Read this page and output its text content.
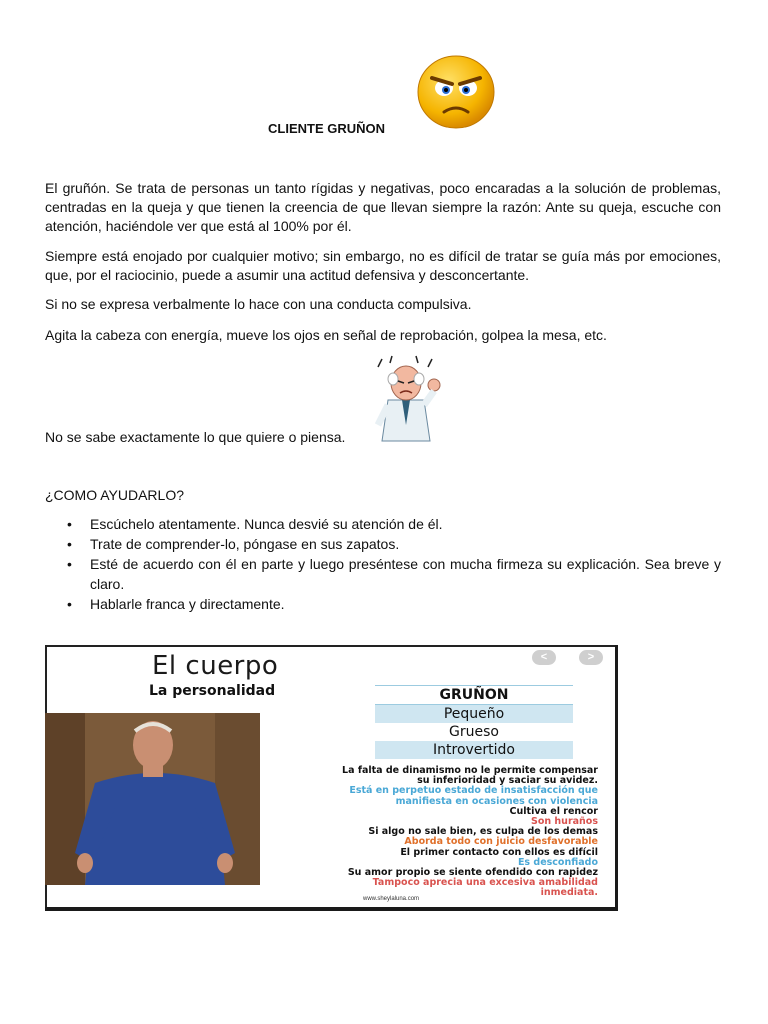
CLIENTE GRUÑON
El gruñón. Se trata de personas un tanto rígidas y negativas, poco encaradas a la solución de problemas, centradas en la queja y que tienen la creencia de que llevan siempre la razón: Ante su queja, escuche con atención, haciéndole ver que está al 100% por él.
Siempre está enojado por cualquier motivo; sin embargo, no es difícil de tratar se guía más por emociones, que, por el raciocinio, puede a asumir una actitud defensiva y desconcertante.
Si no se expresa verbalmente lo hace con una conducta compulsiva.
Agita la cabeza con energía, mueve los ojos en señal de reprobación, golpea la mesa, etc.
No se sabe exactamente lo que quiere o piensa.
¿COMO AYUDARLO?
• Escúchelo atentamente. Nunca desvié su atención de él.
• Trate de comprender-lo, póngase en sus zapatos.
• Esté de acuerdo con él en parte y luego preséntese con mucha firmeza su explicación. Sea breve y claro.
• Hablarle franca y directamente.
El cuerpo
La personalidad
<	>
GRUÑON
Pequeño
Grueso
Introvertido
La falta de dinamismo no le permite compensar
su inferioridad y saciar su avidez.
Está en perpetuo estado de insatisfacción que
manifiesta en ocasiones con violencia
Cultiva el rencor
Son huraños
Si algo no sale bien, es culpa de los demas
Aborda todo con juicio desfavorable
El primer contacto con ellos es difícil
Es desconfiado
Su amor propio se siente ofendido con rapidez
Tampoco aprecia una excesiva amabilidad
inmediata.
www.sheylaluna.com
